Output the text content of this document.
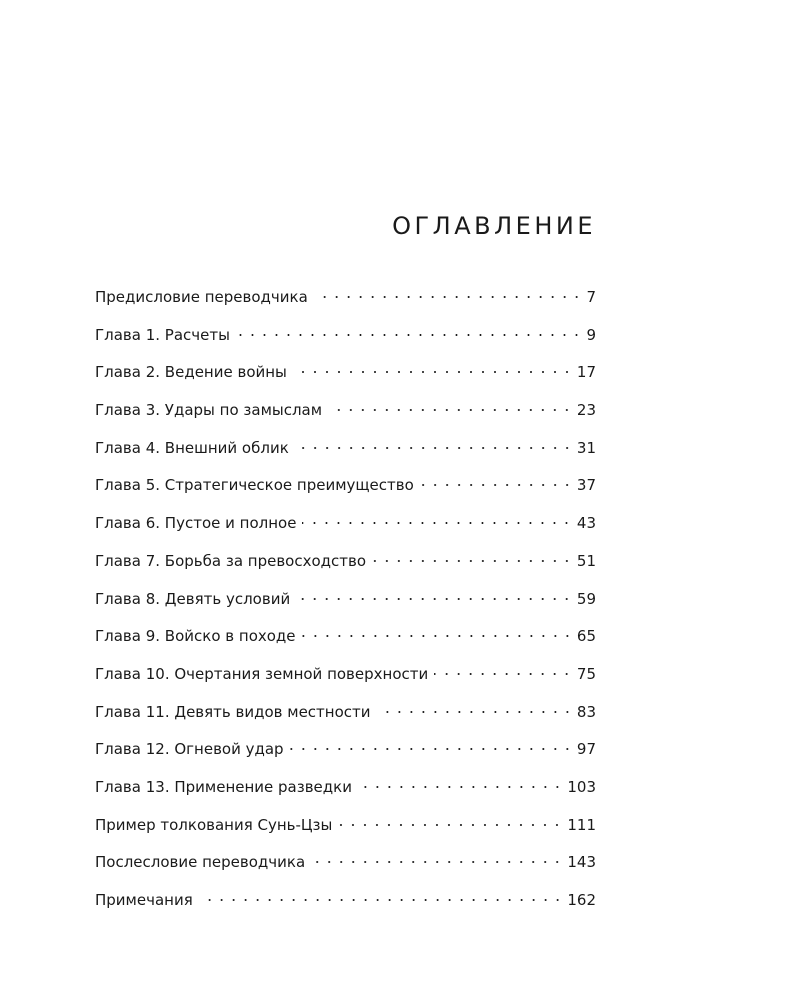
ОГЛАВЛЕНИЕ
Предисловие переводчика	7
Глава 1. Расчеты	9
Глава 2. Ведение войны	17
Глава 3. Удары по замыслам	23
Глава 4. Внешний облик	31
Глава 5. Стратегическое преимущество	37
Глава 6. Пустое и полное	43
Глава 7. Борьба за превосходство	51
Глава 8. Девять условий	59
Глава 9. Войско в походе	65
Глава 10. Очертания земной поверхности	75
Глава 11. Девять видов местности	83
Глава 12. Огневой удар	97
Глава 13. Применение разведки	103
Пример толкования Сунь-Цзы	111
Послесловие переводчика	143
Примечания	162
